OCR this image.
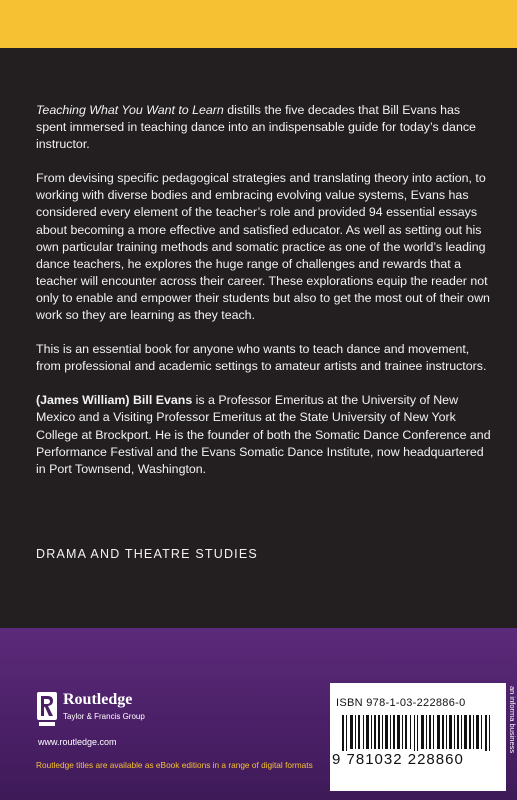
Teaching What You Want to Learn distills the five decades that Bill Evans has spent immersed in teaching dance into an indispensable guide for today’s dance instructor.

From devising specific pedagogical strategies and translating theory into action, to working with diverse bodies and embracing evolving value systems, Evans has considered every element of the teacher’s role and provided 94 essential essays about becoming a more effective and satisfied educator. As well as setting out his own particular training methods and somatic practice as one of the world’s leading dance teachers, he explores the huge range of challenges and rewards that a teacher will encounter across their career. These explorations equip the reader not only to enable and empower their students but also to get the most out of their own work so they are learning as they teach.

This is an essential book for anyone who wants to teach dance and movement, from professional and academic settings to amateur artists and trainee instructors.

(James William) Bill Evans is a Professor Emeritus at the University of New Mexico and a Visiting Professor Emeritus at the State University of New York College at Brockport. He is the founder of both the Somatic Dance Conference and Performance Festival and the Evans Somatic Dance Institute, now headquartered in Port Townsend, Washington.

DRAMA AND THEATRE STUDIES
Routledge
Taylor & Francis Group
www.routledge.com
Routledge titles are available as eBook editions in a range of digital formats
ISBN 978-1-03-222886-0
9 781032 228860
an informa business
